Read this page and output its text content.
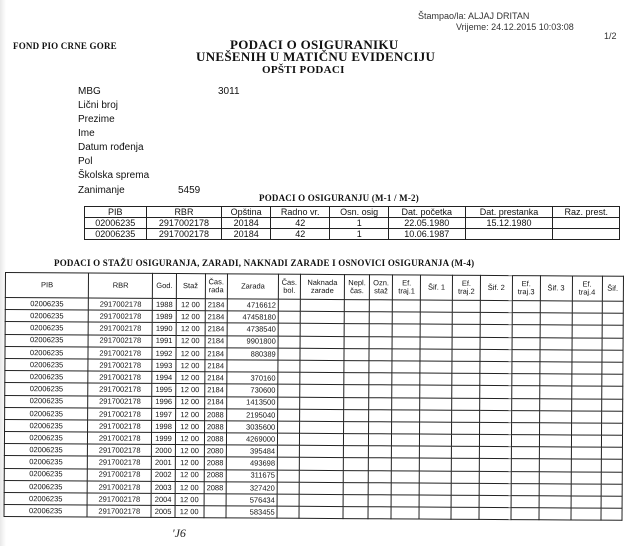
Štampao/la: ALJAJ DRITAN
Vrijeme: 24.12.2015 10:03:08
1/2
FOND PIO CRNE GORE	PODACI O OSIGURANIKU
UNEŠENIH U MATIČNU EVIDENCIJU
OPŠTI PODACI
MBG	3011
Lični broj
Prezime
Ime
Datum rođenja
Pol
Školska sprema
Zanimanje	5459
PODACI O OSIGURANJU (M-1 / M-2)
PIB	RBR	Opština	Radno vr.	Osn. osig	Dat. početka	Dat. prestanka	Raz. prest.
02006235	2917002178	20184	42	1	22.05.1980	15.12.1980	
02006235	2917002178	20184	42	1	10.06.1987		
PODACI O STAŽU OSIGURANJA, ZARADI, NAKNADI ZARADE I OSNOVICI OSIGURANJA (M-4)
PIB	RBR	God.	Staž	Čas. rada	Zarada	Čas. bol.	Naknada zarade	Nepl. čas.	Ozn. staž	Ef. traj.1	Šif. 1	Ef. traj.2	Šif. 2	Ef. traj.3	Šif. 3	Ef. traj.4	Šif.
02006235	2917002178	1988	12 00	2184	4716612												
02006235	2917002178	1989	12 00	2184	47458180												
02006235	2917002178	1990	12 00	2184	4738540												
02006235	2917002178	1991	12 00	2184	9901800												
02006235	2917002178	1992	12 00	2184	880389												
02006235	2917002178	1993	12 00	2184													
02006235	2917002178	1994	12 00	2184	370160												
02006235	2917002178	1995	12 00	2184	730600												
02006235	2917002178	1996	12 00	2184	1413500												
02006235	2917002178	1997	12 00	2088	2195040												
02006235	2917002178	1998	12 00	2088	3035600												
02006235	2917002178	1999	12 00	2088	4269000												
02006235	2917002178	2000	12 00	2080	395484												
02006235	2917002178	2001	12 00	2088	493698												
02006235	2917002178	2002	12 00	2088	311675												
02006235	2917002178	2003	12 00	2088	327420												
02006235	2917002178	2004	12 00		576434												
02006235	2917002178	2005	12 00		583455												
'J6
